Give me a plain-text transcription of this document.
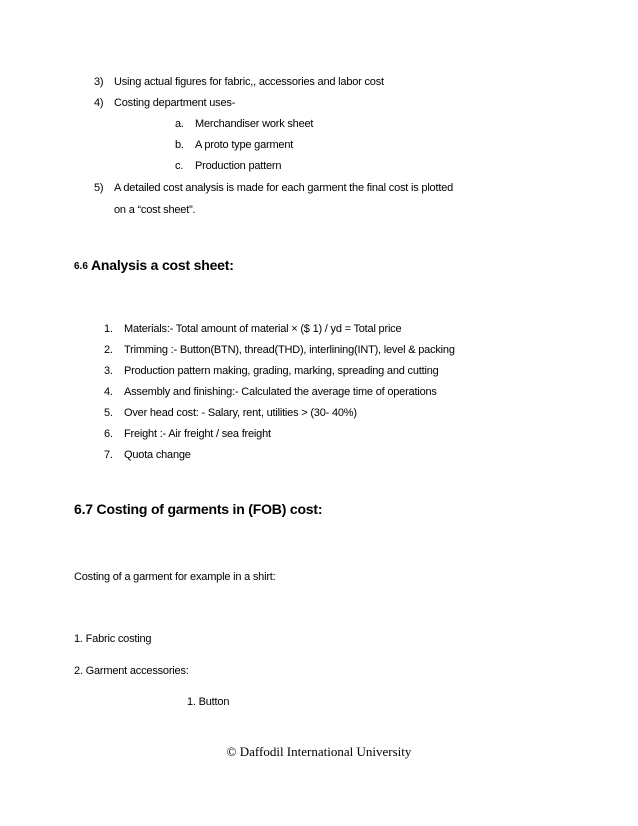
3) Using actual figures for fabric,, accessories and labor cost
4) Costing department uses-
a. Merchandiser work sheet
b. A proto type garment
c. Production pattern
5) A detailed cost analysis is made for each garment the final cost is plotted
on a “cost sheet”.
6.6 Analysis a cost sheet:
1. Materials:- Total amount of material × ($ 1) / yd = Total price
2. Trimming :- Button(BTN), thread(THD), interlining(INT), level & packing
3. Production pattern making, grading, marking, spreading and cutting
4. Assembly and finishing:- Calculated the average time of operations
5. Over head cost: - Salary, rent, utilities > (30- 40%)
6. Freight :- Air freight / sea freight
7. Quota change
6.7 Costing of garments in (FOB) cost:
Costing of a garment for example in a shirt:
1. Fabric costing
2. Garment accessories:
1. Button
© Daffodil International University
